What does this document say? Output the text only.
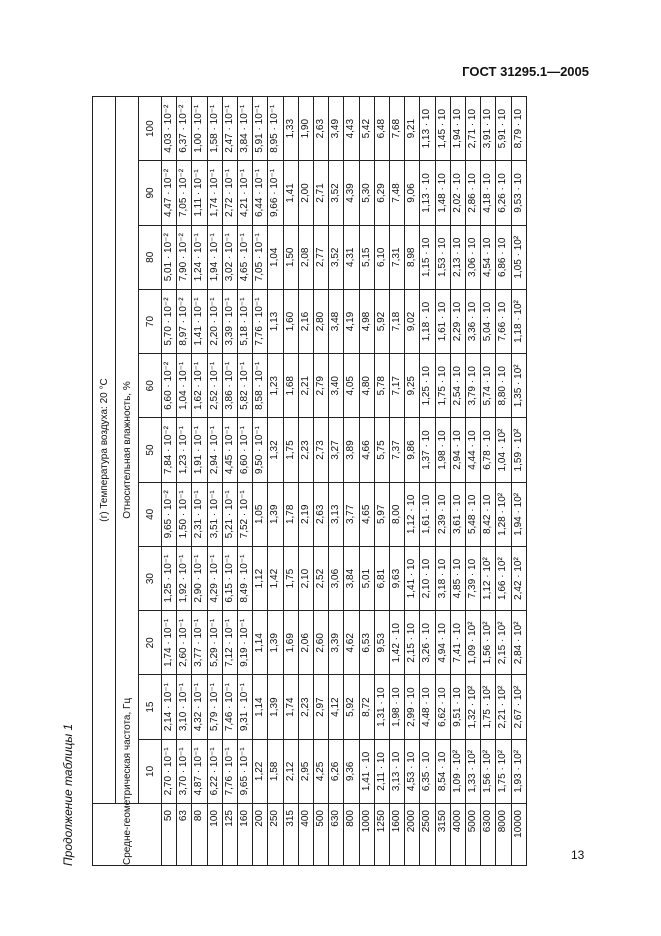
ГОСТ 31295.1—2005
Продолжение таблицы 1	Средне-геометрическая частота, Гц	(г) Температура воздуха: 20 °С										
	Относительная влажность, %										
	10	15	20	30	40	50	60	70	80	90	100
50	2,70 · 10⁻¹	2,14 · 10⁻¹	1,74 · 10⁻¹	1,25 · 10⁻¹	9,65 · 10⁻²	7,84 · 10⁻²	6,60 · 10⁻²	5,70 · 10⁻²	5,01 · 10⁻²	4,47 · 10⁻²	4,03 · 10⁻²
63	3,70 · 10⁻¹	3,10 · 10⁻¹	2,60 · 10⁻¹	1,92 · 10⁻¹	1,50 · 10⁻¹	1,23 · 10⁻¹	1,04 · 10⁻¹	8,97 · 10⁻²	7,90 · 10⁻²	7,05 · 10⁻²	6,37 · 10⁻²
80	4,87 · 10⁻¹	4,32 · 10⁻¹	3,77 · 10⁻¹	2,90 · 10⁻¹	2,31 · 10⁻¹	1,91 · 10⁻¹	1,62 · 10⁻¹	1,41 · 10⁻¹	1,24 · 10⁻¹	1,11 · 10⁻¹	1,00 · 10⁻¹
100	6,22 · 10⁻¹	5,79 · 10⁻¹	5,29 · 10⁻¹	4,29 · 10⁻¹	3,51 · 10⁻¹	2,94 · 10⁻¹	2,52 · 10⁻¹	2,20 · 10⁻¹	1,94 · 10⁻¹	1,74 · 10⁻¹	1,58 · 10⁻¹
125	7,76 · 10⁻¹	7,46 · 10⁻¹	7,12 · 10⁻¹	6,15 · 10⁻¹	5,21 · 10⁻¹	4,45 · 10⁻¹	3,86 · 10⁻¹	3,39 · 10⁻¹	3,02 · 10⁻¹	2,72 · 10⁻¹	2,47 · 10⁻¹
160	9,65 · 10⁻¹	9,31 · 10⁻¹	9,19 · 10⁻¹	8,49 · 10⁻¹	7,52 · 10⁻¹	6,60 · 10⁻¹	5,82 · 10⁻¹	5,18 · 10⁻¹	4,65 · 10⁻¹	4,21 · 10⁻¹	3,84 · 10⁻¹
200	1,22	1,14	1,14	1,12	1,05	9,50 · 10⁻¹	8,58 · 10⁻¹	7,76 · 10⁻¹	7,05 · 10⁻¹	6,44 · 10⁻¹	5,91 · 10⁻¹
250	1,58	1,39	1,39	1,42	1,39	1,32	1,23	1,13	1,04	9,66 · 10⁻¹	8,95 · 10⁻¹
315	2,12	1,74	1,69	1,75	1,78	1,75	1,68	1,60	1,50	1,41	1,33
400	2,95	2,23	2,06	2,10	2,19	2,23	2,21	2,16	2,08	2,00	1,90
500	4,25	2,97	2,60	2,52	2,63	2,73	2,79	2,80	2,77	2,71	2,63
630	6,26	4,12	3,39	3,06	3,13	3,27	3,40	3,48	3,52	3,52	3,49
800	9,36	5,92	4,62	3,84	3,77	3,89	4,05	4,19	4,31	4,39	4,43
1000	1,41 · 10	8,72	6,53	5,01	4,65	4,66	4,80	4,98	5,15	5,30	5,42
1250	2,11 · 10	1,31 · 10	9,53	6,81	5,97	5,75	5,78	5,92	6,10	6,29	6,48
1600	3,13 · 10	1,98 · 10	1,42 · 10	9,63	8,00	7,37	7,17	7,18	7,31	7,48	7,68
2000	4,53 · 10	2,99 · 10	2,15 · 10	1,41 · 10	1,12 · 10	9,86	9,25	9,02	8,98	9,06	9,21
2500	6,35 · 10	4,48 · 10	3,26 · 10	2,10 · 10	1,61 · 10	1,37 · 10	1,25 · 10	1,18 · 10	1,15 · 10	1,13 · 10	1,13 · 10
3150	8,54 · 10	6,62 · 10	4,94 · 10	3,18 · 10	2,39 · 10	1,98 · 10	1,75 · 10	1,61 · 10	1,53 · 10	1,48 · 10	1,45 · 10
4000	1,09 · 10²	9,51 · 10	7,41 · 10	4,85 · 10	3,61 · 10	2,94 · 10	2,54 · 10	2,29 · 10	2,13 · 10	2,02 · 10	1,94 · 10
5000	1,33 · 10²	1,32 · 10²	1,09 · 10²	7,39 · 10	5,48 · 10	4,44 · 10	3,79 · 10	3,36 · 10	3,06 · 10	2,86 · 10	2,71 · 10
6300	1,56 · 10²	1,75 · 10²	1,56 · 10²	1,12 · 10²	8,42 · 10	6,78 · 10	5,74 · 10	5,04 · 10	4,54 · 10	4,18 · 10	3,91 · 10
8000	1,75 · 10²	2,21 · 10²	2,15 · 10²	1,66 · 10²	1,28 · 10²	1,04 · 10²	8,80 · 10	7,66 · 10	6,86 · 10	6,26 · 10	5,91 · 10
10000	1,93 · 10²	2,67 · 10²	2,84 · 10²	2,42 · 10²	1,94 · 10²	1,59 · 10²	1,35 · 10²	1,18 · 10²	1,05 · 10²	9,53 · 10	8,79 · 10
13
